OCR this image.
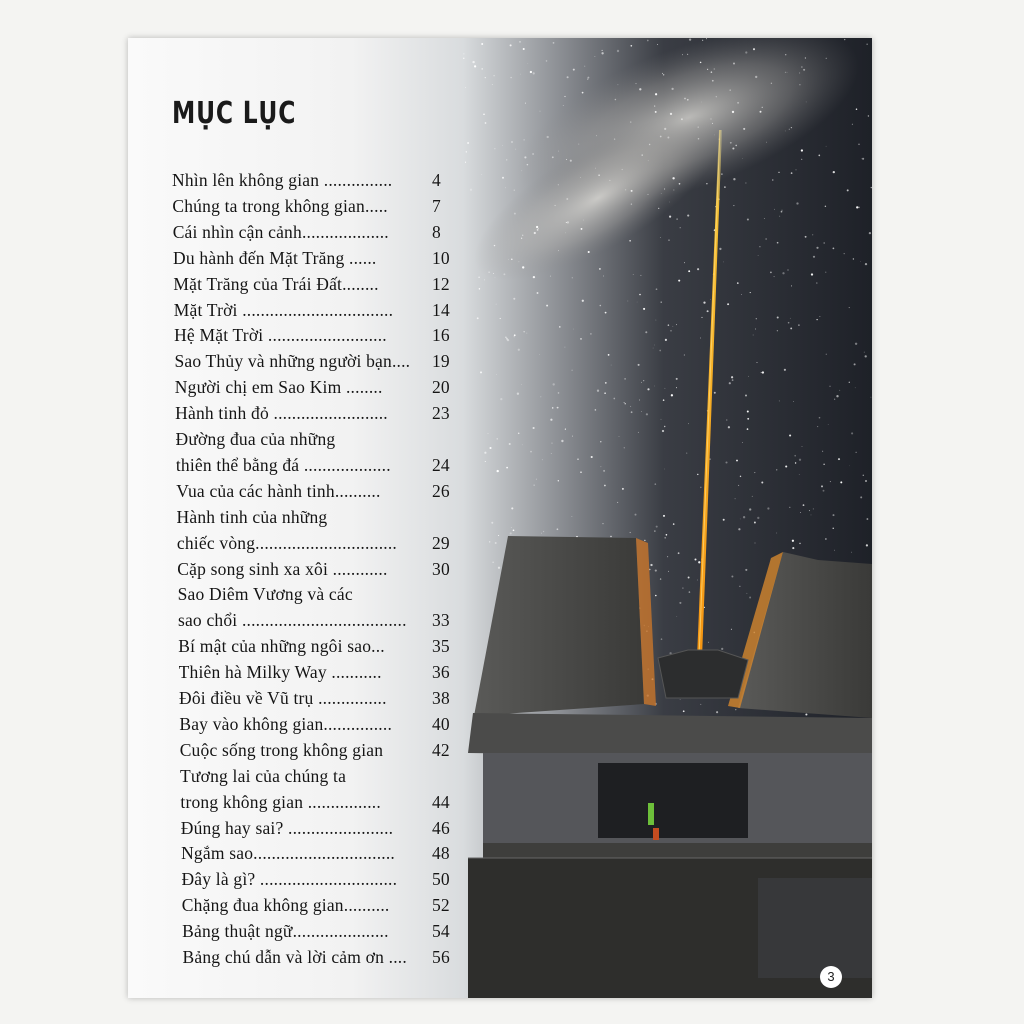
MỤC LỤC
Nhìn lên không gian ............... 4
Chúng ta trong không gian.....	7
Cái nhìn cận cảnh................... 8
Du hành đến Mặt Trăng ......	10
Mặt Trăng của Trái Đất........	12
Mặt Trời ................................. 14
Hệ Mặt Trời ..........................	16
Sao Thủy và những người bạn.... 19
Người chị em Sao Kim ........	20
Hành tinh đỏ .........................	23
Đường đua của những
thiên thể bằng đá ................... 24
Vua của các hành tinh..........	26
Hành tinh của những
chiếc vòng............................... 29
Cặp song sinh xa xôi ............	30
Sao Diêm Vương và các
sao chổi .................................... 33
Bí mật của những ngôi sao...	35
Thiên hà Milky Way ...........	36
Đôi điều về Vũ trụ ...............	38
Bay vào không gian............... 40
Cuộc sống trong không gian	42
Tương lai của chúng ta
trong không gian ................	44
Đúng hay sai? ....................... 46
Ngắm sao............................... 48
Đây là gì? .............................. 50
Chặng đua không gian.......... 52
Bảng thuật ngữ..................... 54
Bảng chú dẫn và lời cảm ơn .... 56
3
